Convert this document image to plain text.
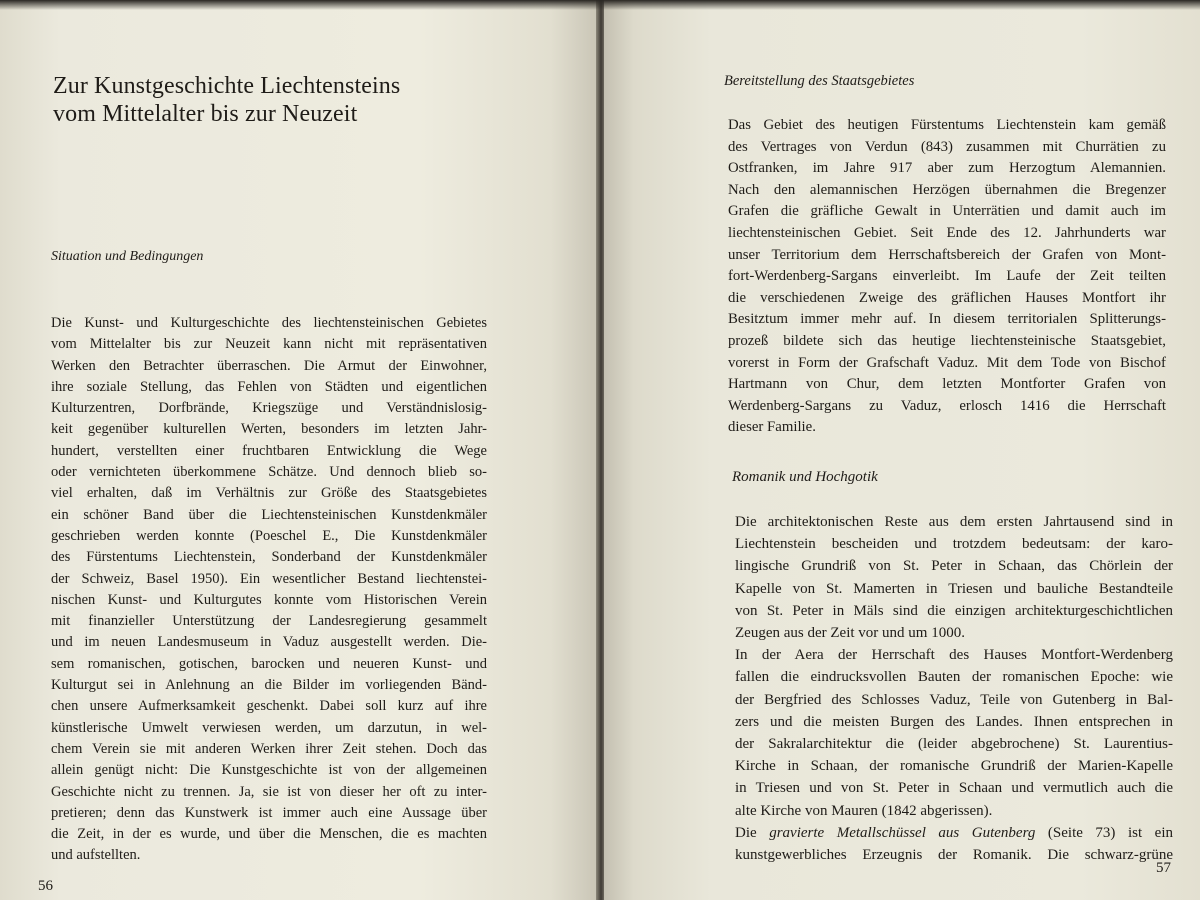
Zur Kunstgeschichte Liechtensteins
vom Mittelalter bis zur Neuzeit
Situation und Bedingungen
Die Kunst- und Kulturgeschichte des liechtensteinischen Gebietes
vom Mittelalter bis zur Neuzeit kann nicht mit repräsentativen
Werken den Betrachter überraschen. Die Armut der Einwohner,
ihre soziale Stellung, das Fehlen von Städten und eigentlichen
Kulturzentren, Dorfbrände, Kriegszüge und Verständnislosig-
keit gegenüber kulturellen Werten, besonders im letzten Jahr-
hundert, verstellten einer fruchtbaren Entwicklung die Wege
oder vernichteten überkommene Schätze. Und dennoch blieb so-
viel erhalten, daß im Verhältnis zur Größe des Staatsgebietes
ein schöner Band über die Liechtensteinischen Kunstdenkmäler
geschrieben werden konnte (Poeschel E., Die Kunstdenkmäler
des Fürstentums Liechtenstein, Sonderband der Kunstdenkmäler
der Schweiz, Basel 1950). Ein wesentlicher Bestand liechtenstei-
nischen Kunst- und Kulturgutes konnte vom Historischen Verein
mit finanzieller Unterstützung der Landesregierung gesammelt
und im neuen Landesmuseum in Vaduz ausgestellt werden. Die-
sem romanischen, gotischen, barocken und neueren Kunst- und
Kulturgut sei in Anlehnung an die Bilder im vorliegenden Bänd-
chen unsere Aufmerksamkeit geschenkt. Dabei soll kurz auf ihre
künstlerische Umwelt verwiesen werden, um darzutun, in wel-
chem Verein sie mit anderen Werken ihrer Zeit stehen. Doch das
allein genügt nicht: Die Kunstgeschichte ist von der allgemeinen
Geschichte nicht zu trennen. Ja, sie ist von dieser her oft zu inter-
pretieren; denn das Kunstwerk ist immer auch eine Aussage über
die Zeit, in der es wurde, und über die Menschen, die es machten
und aufstellten.
56
Bereitstellung des Staatsgebietes
Das Gebiet des heutigen Fürstentums Liechtenstein kam gemäß
des Vertrages von Verdun (843) zusammen mit Churrätien zu
Ostfranken, im Jahre 917 aber zum Herzogtum Alemannien.
Nach den alemannischen Herzögen übernahmen die Bregenzer
Grafen die gräfliche Gewalt in Unterrätien und damit auch im
liechtensteinischen Gebiet. Seit Ende des 12. Jahrhunderts war
unser Territorium dem Herrschaftsbereich der Grafen von Mont-
fort-Werdenberg-Sargans einverleibt. Im Laufe der Zeit teilten
die verschiedenen Zweige des gräflichen Hauses Montfort ihr
Besitztum immer mehr auf. In diesem territorialen Splitterungs-
prozeß bildete sich das heutige liechtensteinische Staatsgebiet,
vorerst in Form der Grafschaft Vaduz. Mit dem Tode von Bischof
Hartmann von Chur, dem letzten Montforter Grafen von
Werdenberg-Sargans zu Vaduz, erlosch 1416 die Herrschaft
dieser Familie.
Romanik und Hochgotik
Die architektonischen Reste aus dem ersten Jahrtausend sind in
Liechtenstein bescheiden und trotzdem bedeutsam: der karo-
lingische Grundriß von St. Peter in Schaan, das Chörlein der
Kapelle von St. Mamerten in Triesen und bauliche Bestandteile
von St. Peter in Mäls sind die einzigen architekturgeschichtlichen
Zeugen aus der Zeit vor und um 1000.
In der Aera der Herrschaft des Hauses Montfort-Werdenberg
fallen die eindrucksvollen Bauten der romanischen Epoche: wie
der Bergfried des Schlosses Vaduz, Teile von Gutenberg in Bal-
zers und die meisten Burgen des Landes. Ihnen entsprechen in
der Sakralarchitektur die (leider abgebrochene) St. Laurentius-
Kirche in Schaan, der romanische Grundriß der Marien-Kapelle
in Triesen und von St. Peter in Schaan und vermutlich auch die
alte Kirche von Mauren (1842 abgerissen).
Die gravierte Metallschüssel aus Gutenberg (Seite 73) ist ein
kunstgewerbliches Erzeugnis der Romanik. Die schwarz-grüne
57
